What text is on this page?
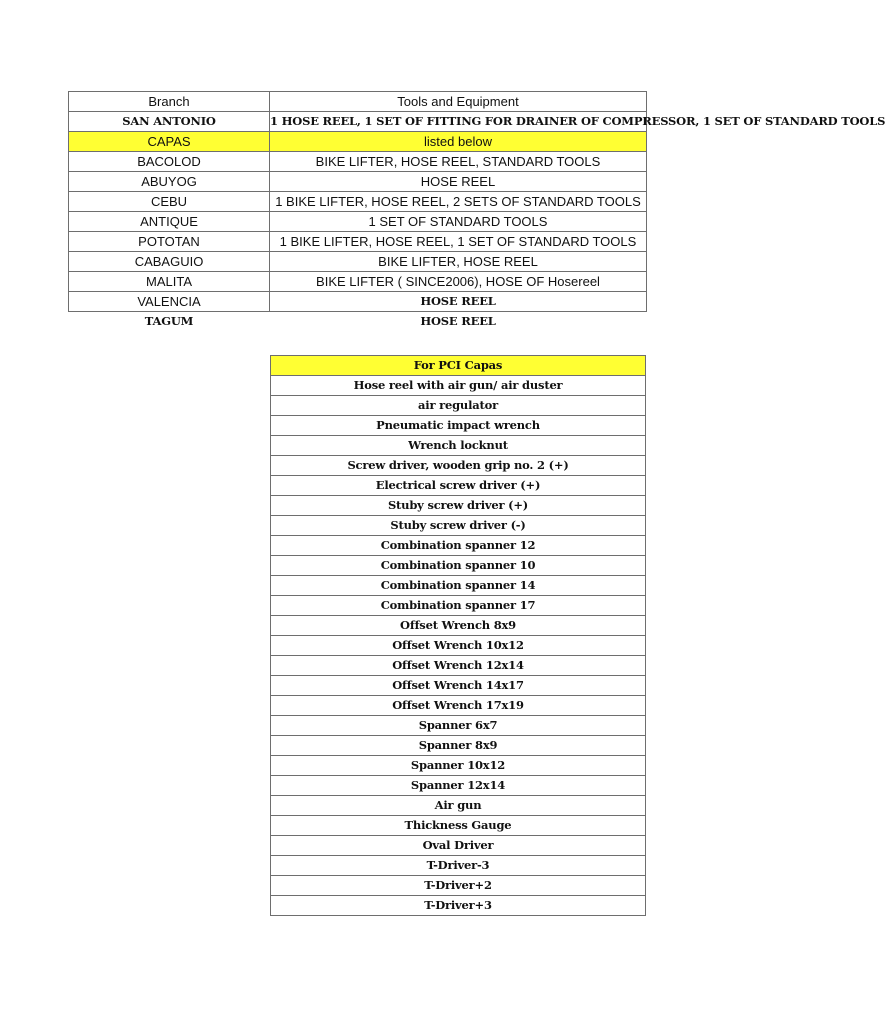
Branch	Tools and Equipment
SAN ANTONIO	1 HOSE REEL, 1 SET OF FITTING FOR DRAINER OF COMPRESSOR, 1 SET OF STANDARD TOOLS
CAPAS	listed below
BACOLOD	BIKE LIFTER, HOSE REEL, STANDARD TOOLS
ABUYOG	HOSE REEL
CEBU	1 BIKE LIFTER, HOSE REEL, 2 SETS OF STANDARD TOOLS
ANTIQUE	1 SET OF STANDARD TOOLS
POTOTAN	1 BIKE LIFTER, HOSE REEL, 1 SET OF STANDARD TOOLS
CABAGUIO	BIKE LIFTER, HOSE REEL
MALITA	BIKE LIFTER ( SINCE2006), HOSE OF Hosereel
VALENCIA	HOSE REEL
TAGUM	HOSE REEL
For PCI Capas
Hose reel with air gun/ air duster
air regulator
Pneumatic impact wrench
Wrench locknut
Screw driver, wooden grip no. 2 (+)
Electrical screw driver (+)
Stuby screw driver (+)
Stuby screw driver (-)
Combination spanner 12
Combination spanner 10
Combination spanner 14
Combination spanner 17
Offset Wrench 8x9
Offset Wrench 10x12
Offset Wrench 12x14
Offset Wrench 14x17
Offset Wrench 17x19
Spanner 6x7
Spanner 8x9
Spanner 10x12
Spanner 12x14
Air gun
Thickness Gauge
Oval Driver
T-Driver-3
T-Driver+2
T-Driver+3
